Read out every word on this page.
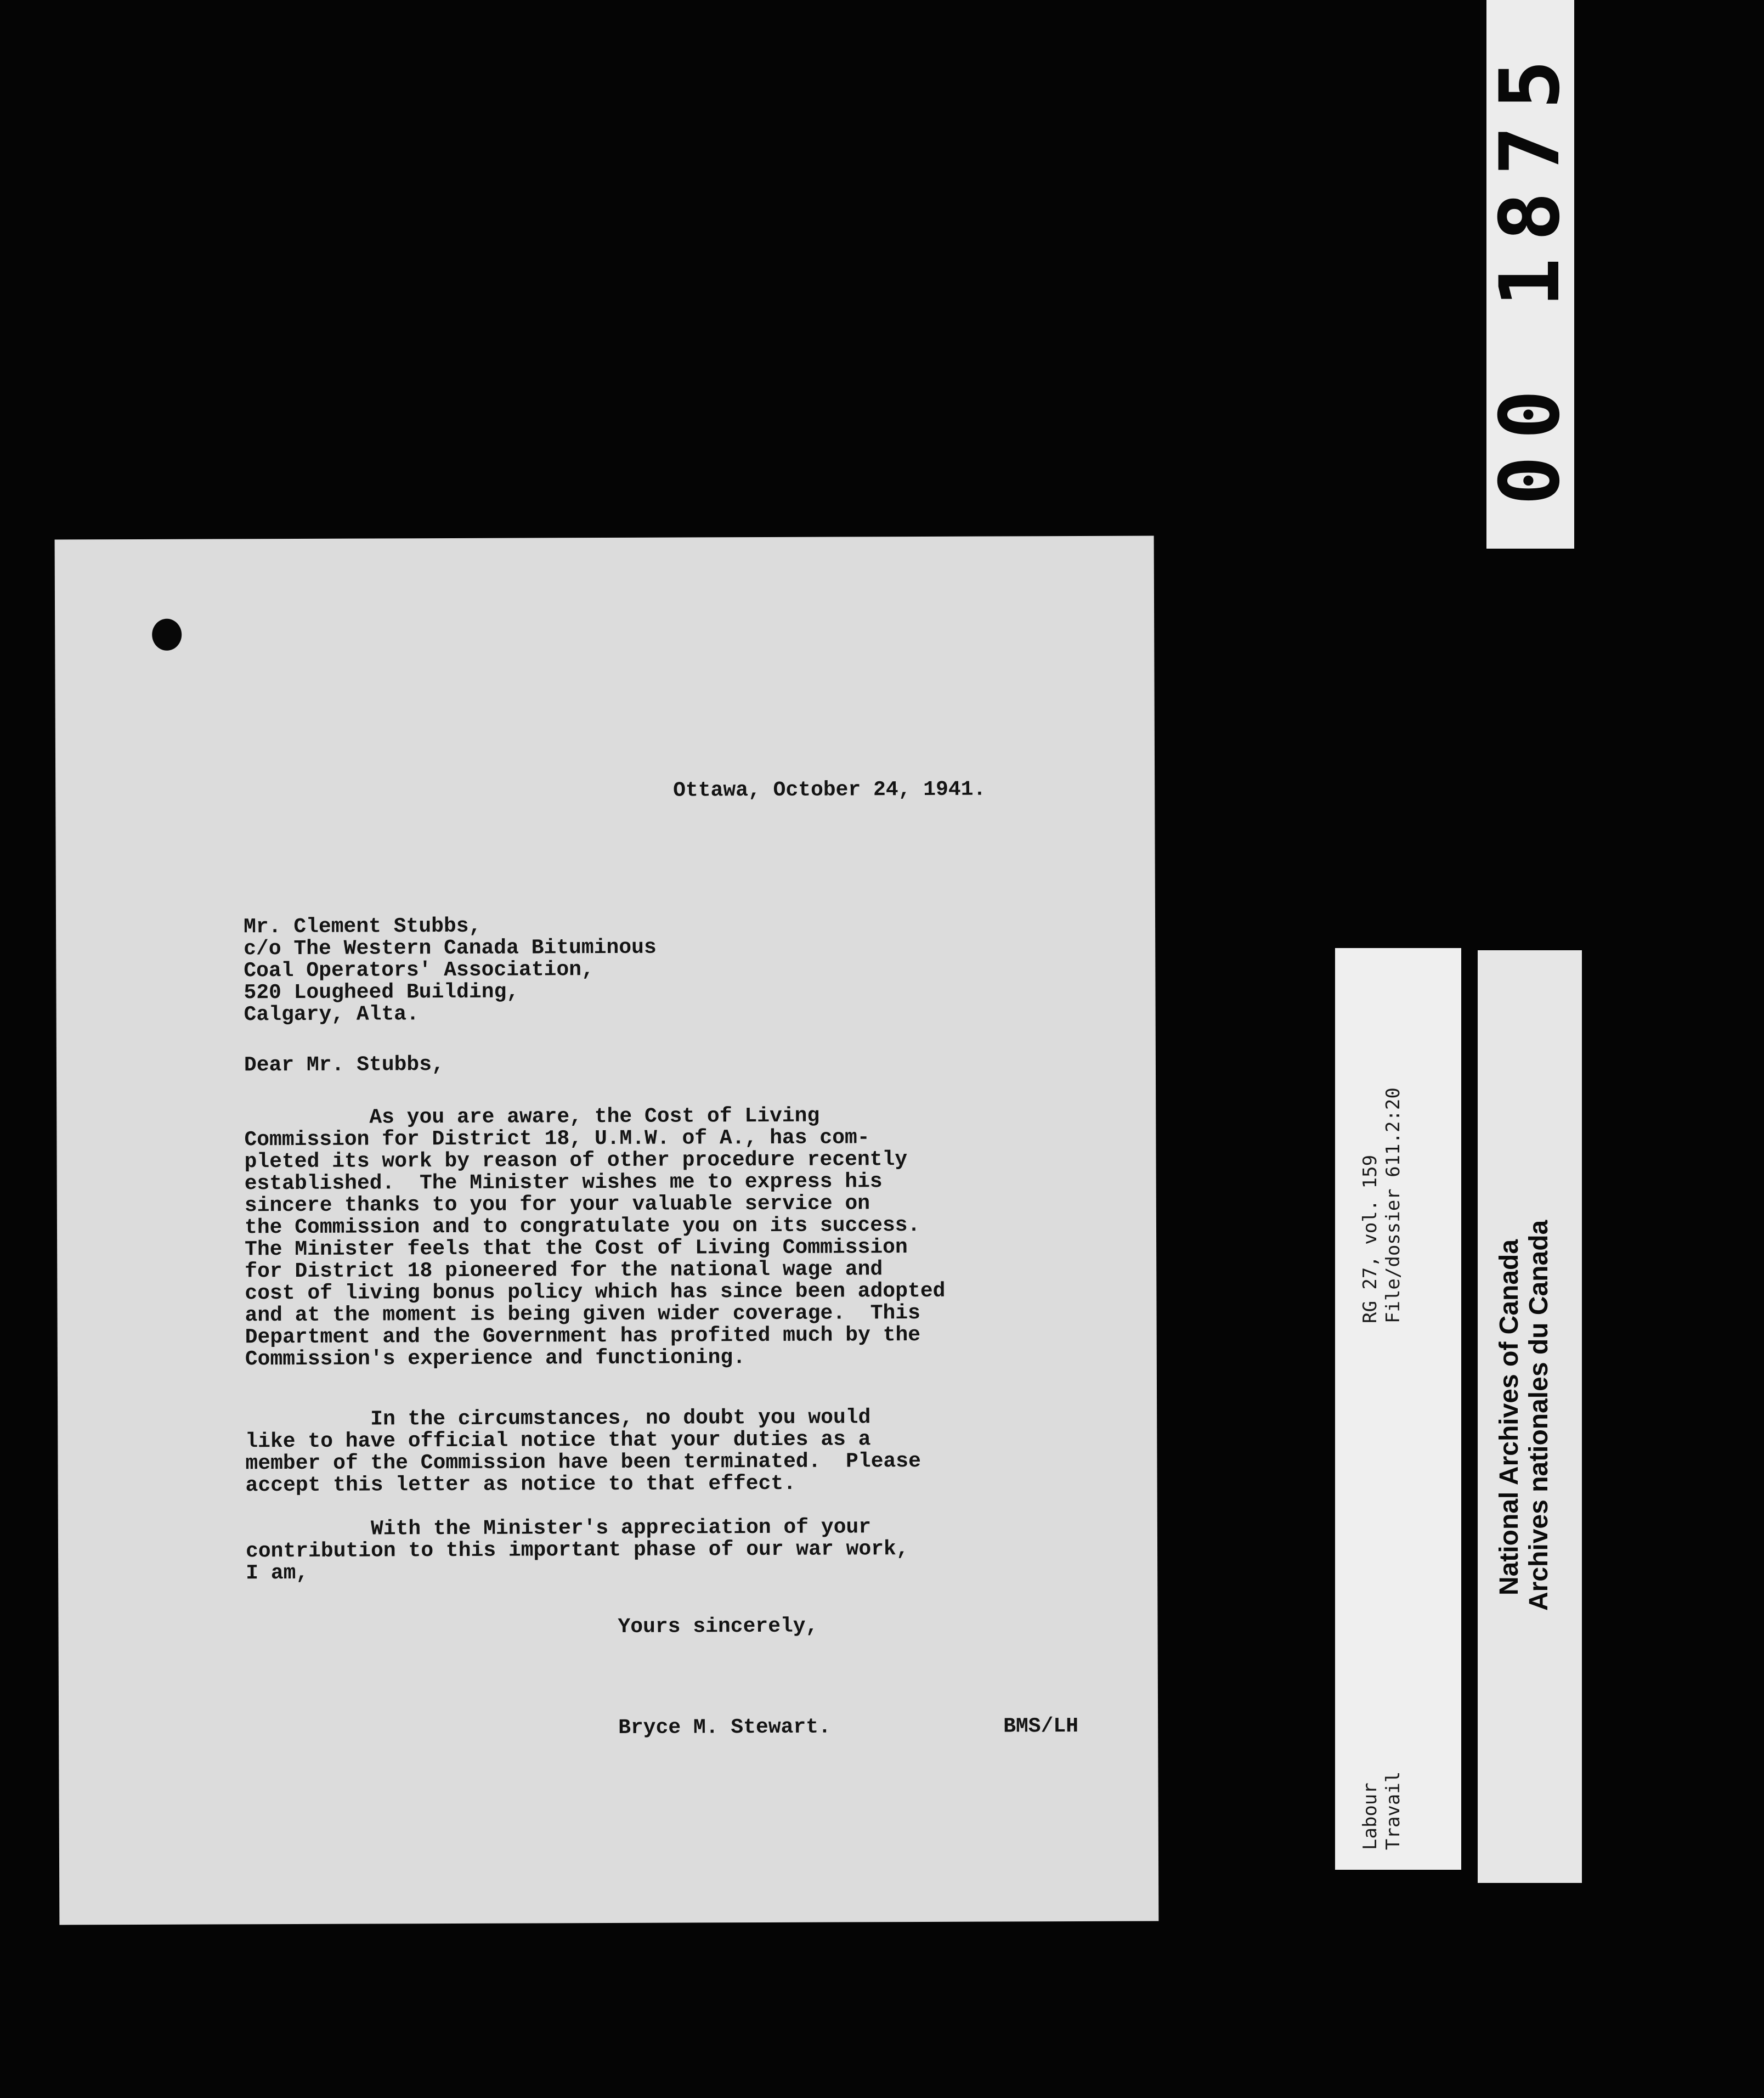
00 1875

Ottawa, October 24, 1941.

Mr. Clement Stubbs,

c/o The Western Canada Bituminous

Coal Operators' Association,

520 Lougheed Building,

Calgary, Alta.

Dear Mr. Stubbs,

As you are aware, the Cost of Living

Commission for District 18, U.M.W. of A., has com-

pleted its work by reason of other procedure recently

established.  The Minister wishes me to express his

sincere thanks to you for your valuable service on

the Commission and to congratulate you on its success.

The Minister feels that the Cost of Living Commission

for District 18 pioneered for the national wage and

cost of living bonus policy which has since been adopted

and at the moment is being given wider coverage.  This

Department and the Government has profited much by the

Commission's experience and functioning.

In the circumstances, no doubt you would

like to have official notice that your duties as a

member of the Commission have been terminated.  Please

accept this letter as notice to that effect.

With the Minister's appreciation of your

contribution to this important phase of our war work,

I am,

Yours sincerely,

Bryce M. Stewart.	BMS/LH

RG 27, vol. 159 File/dossier 611.2:20
Labour Travail
National Archives of Canada Archives nationales du Canada
